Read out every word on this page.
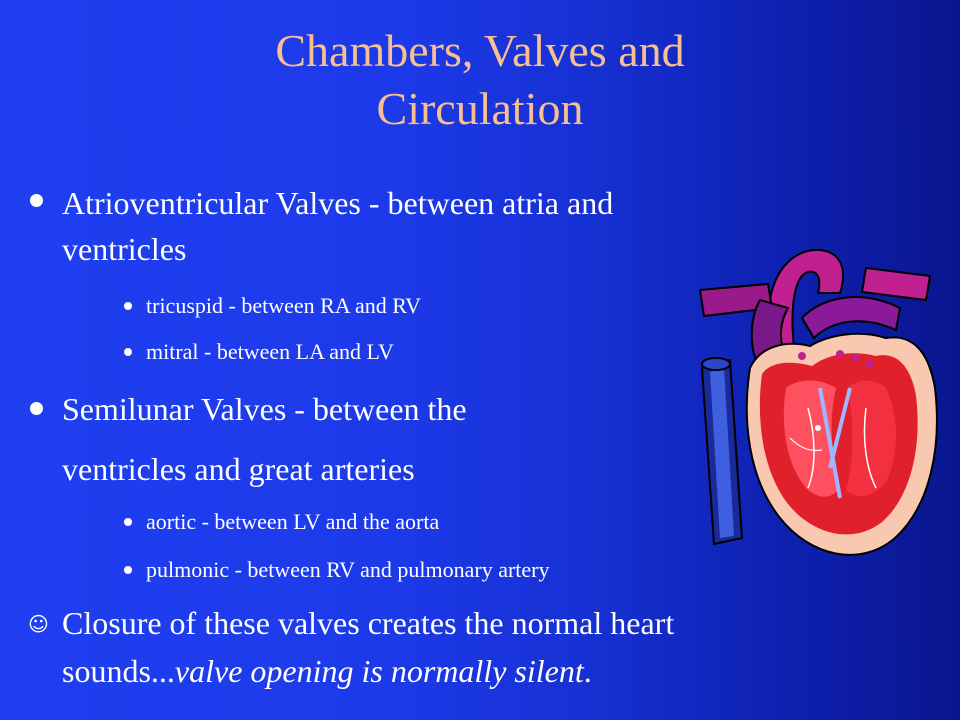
Chambers, Valves and
Circulation
Atrioventricular Valves - between atria and
ventricles
tricuspid - between RA and RV
mitral - between LA and LV
Semilunar Valves - between the
ventricles and great arteries
aortic - between LV and the aorta
pulmonic - between RV and pulmonary artery
☺ Closure of these valves creates the normal heart
sounds...valve opening is normally silent.
